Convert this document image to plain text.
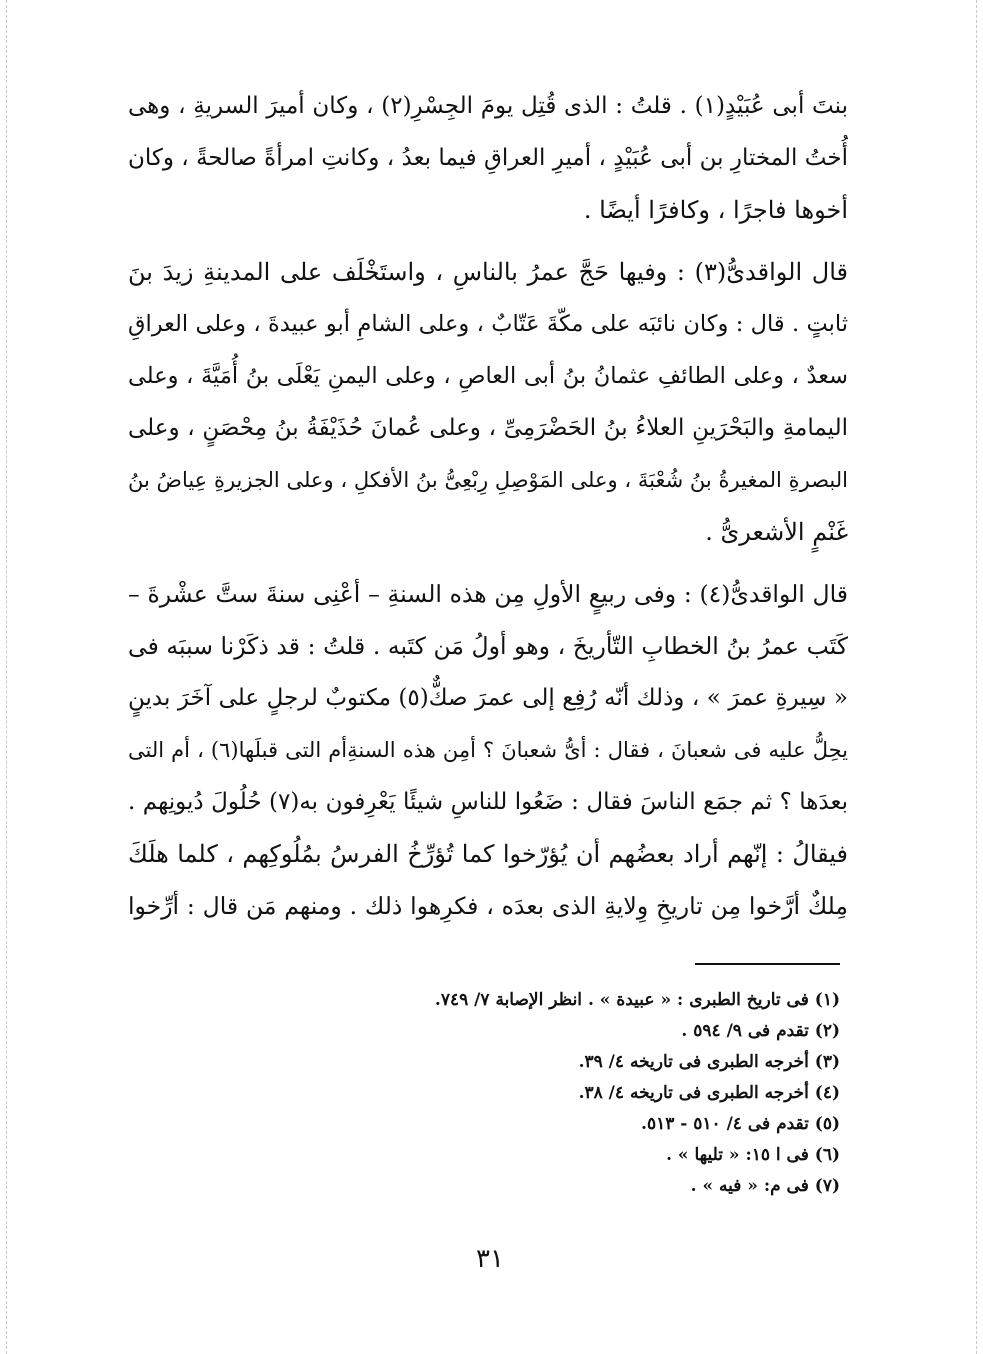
بنتَ أبى عُبَيْدٍ(١) . قلتُ : الذى قُتِل يومَ الجِسْرِ(٢) ، وكان أميرَ السريةِ ، وهى
أُختُ المختارِ بن أبى عُبَيْدٍ ، أميرِ العراقِ فيما بعدُ ، وكانتِ امرأةً صالحةً ، وكان
أخوها فاجرًا ، وكافرًا أيضًا .
قال الواقدىُّ(٣) : وفيها حَجَّ عمرُ بالناسِ ، واستَخْلَف على المدينةِ زيدَ بنَ
ثابتٍ . قال : وكان نائبَه على مكّةَ عَتّابٌ ، وعلى الشامِ أبو عبيدةَ ، وعلى العراقِ
سعدٌ ، وعلى الطائفِ عثمانُ بنُ أبى العاصِ ، وعلى اليمنِ يَعْلَى بنُ أُمَيَّةَ ، وعلى
اليمامةِ والبَحْرَينِ العلاءُ بنُ الحَضْرَمِىِّ ، وعلى عُمانَ حُذَيْفَةُ بنُ مِحْصَنٍ ، وعلى
البصرةِ المغيرةُ بنُ شُعْبَةَ ، وعلى المَوْصِلِ رِبْعِىُّ بنُ الأفكلِ ، وعلى الجزيرةِ عِياضُ بنُ
غَنْمٍ الأشعرىُّ .
قال الواقدىُّ(٤) : وفى ربيعٍ الأولِ مِن هذه السنةِ – أعْنِى سنةَ ستَّ عشْرةَ –
كَتَب عمرُ بنُ الخطابِ التّأريخَ ، وهو أولُ مَن كتَبه . قلتُ : قد ذكَرْنا سببَه فى
« سِيرةِ عمرَ » ، وذلك أنّه رُفِع إلى عمرَ صكٌّ(٥) مكتوبٌ لرجلٍ على آخَرَ بدينٍ
يحِلُّ عليه فى شعبانَ ، فقال : أىُّ شعبانَ ؟ أمِن هذه السنةِأم التى قبلَها(٦) ، أم التى
بعدَها ؟ ثم جمَع الناسَ فقال : ضَعُوا للناسِ شيئًا يَعْرِفون به(٧) حُلُولَ دُيونِهم .
فيقالُ : إنّهم أراد بعضُهم أن يُؤرّخوا كما تُؤرِّخُ الفرسُ بمُلُوكِهم ، كلما هلَكَ
مِلكٌ أرَّخوا مِن تاريخِ وِلايةِ الذى بعدَه ، فكرِهوا ذلك . ومنهم مَن قال : أرِّخوا
(١) فى تاريخ الطبرى : « عبيدة » . انظر الإصابة ٧/ ٧٤٩.
(٢) تقدم فى ٩/ ٥٩٤ .
(٣) أخرجه الطبرى فى تاريخه ٤/ ٣٩.
(٤) أخرجه الطبرى فى تاريخه ٤/ ٣٨.
(٥) تقدم فى ٤/ ٥١٠ - ٥١٣.
(٦) فى ا ١٥: « تليها » .
(٧) فى م: « فيه » .
٣١
